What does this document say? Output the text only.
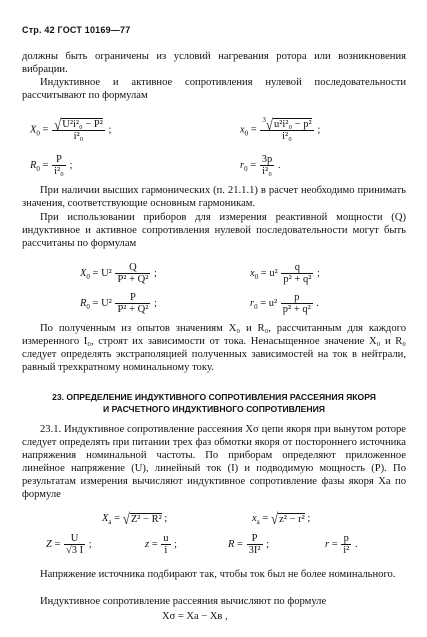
Стр. 42 ГОСТ 10169—77
должны быть ограничены из условий нагревания ротора или возникновения вибрации.
Индуктивное и активное сопротивления нулевой последовательности рассчитывают по формулам
$X_0 = \frac{\text{√U²i²₀ − P²}}{\text{i²₀}}$ ;	$x_0 = \frac{^3√u^2i^2_0 - p^2}{\text{i²₀}}$ ;
$R_0 = \frac{P}{\text{i²₀}}$ ;	$r_0 = \frac{3p}{\text{i²₀}}$ .
При наличии высших гармонических (п. 21.1.1) в расчет необходимо принимать значения, соответствующие основным гармоникам.
При использовании приборов для измерения реактивной мощности (Q) индуктивное и активное сопротивления нулевой последовательности могут быть рассчитаны по формулам
$X_0 = U^2 \frac{Q}{\text{P² + Q²}}$ ;	$x_0 = u^2 \frac{q}{\text{p² + q²}}$ ;
$R_0 = U^2 \frac{P}{\text{P² + Q²}}$ ;	$r_0 = u^2 \frac{p}{\text{p² + q²}}$ .
По полученным из опытов значениям X₀ и R₀, рассчитанным для каждого измеренного I₀, строят их зависимости от тока. Ненасыщенное значение X₀ и R₀ следует определять экстраполяцией полученных зависимостей на ток в нейтрали, равный трехкратному номинальному току.
23. ОПРЕДЕЛЕНИЕ ИНДУКТИВНОГО СОПРОТИВЛЕНИЯ РАССЕЯНИЯ ЯКОРЯ
И РАСЧЕТНОГО ИНДУКТИВНОГО СОПРОТИВЛЕНИЯ
23.1. Индуктивное сопротивление рассеяния Xσ цепи якоря при вынутом роторе следует определять при питании трех фаз обмотки якоря от постороннего источника напряжения номинальной частоты. По приборам определяют приложенное линейное напряжение (U), линейный ток (I) и подводимую мощность (P). По результатам измерения вычисляют индуктивное сопротивление фазы якоря Xa по формуле
$X_a = √Z^2 - R^2$ ;	$x_a = √z^2 - r^2$ ;
$Z = \frac{U}{√3 I}$ ;	$z = \frac{u}{i}$ ;	$R = \frac{P}{\text{3I²}}$ ;	$r = \frac{p}{\text{i²}}$ .
Напряжение источника подбирают так, чтобы ток был не более номинального.
Индуктивное сопротивление рассеяния вычисляют по формуле
Xσ = Xa − Xв ,
